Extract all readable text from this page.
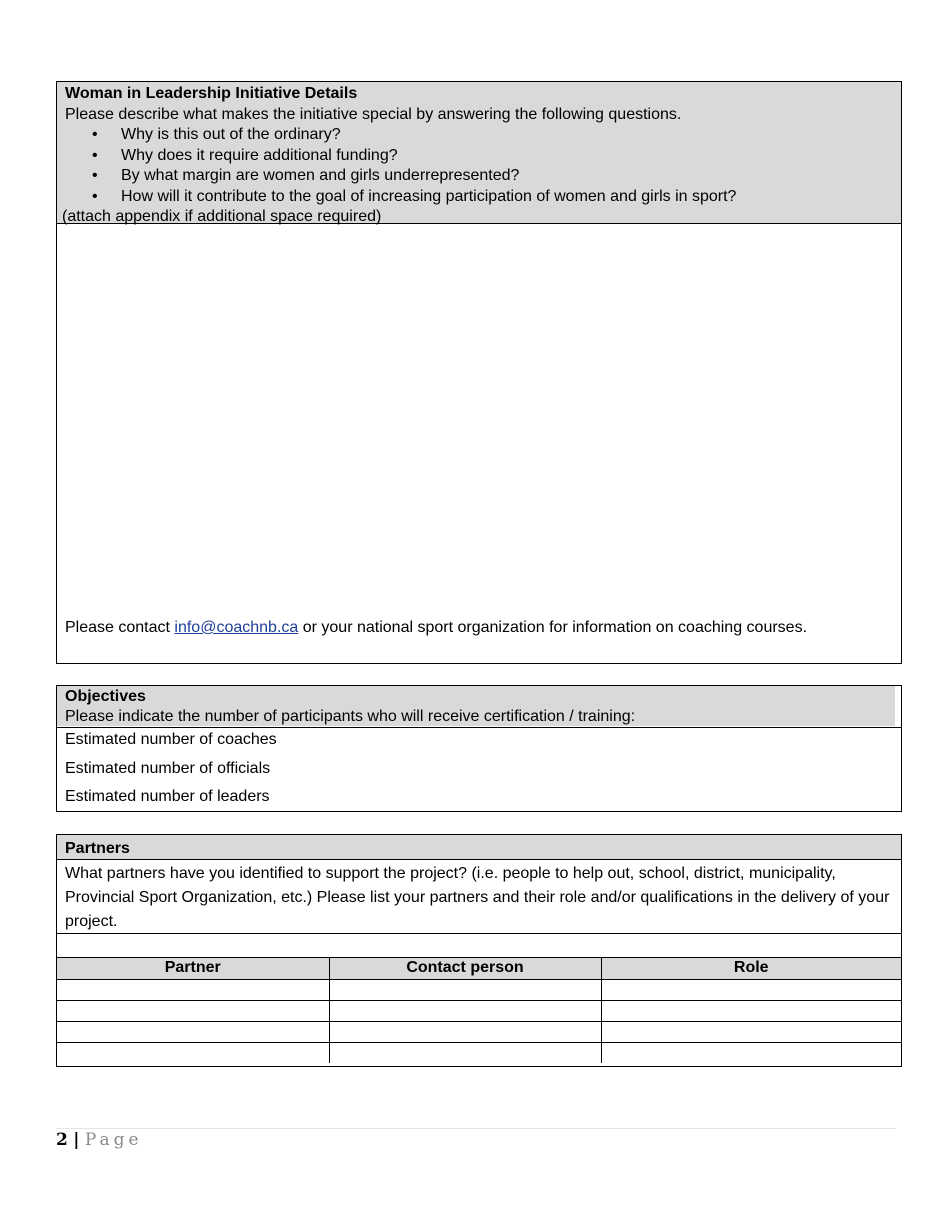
Woman in Leadership Initiative Details
Please describe what makes the initiative special by answering the following questions.
• Why is this out of the ordinary?
• Why does it require additional funding?
• By what margin are women and girls underrepresented?
• How will it contribute to the goal of increasing participation of women and girls in sport?
(attach appendix if additional space required)
Please contact info@coachnb.ca or your national sport organization for information on coaching courses.
Objectives
Please indicate the number of participants who will receive certification / training:
Estimated number of coaches
Estimated number of officials
Estimated number of leaders
Partners
What partners have you identified to support the project? (i.e. people to help out, school, district, municipality, Provincial Sport Organization, etc.) Please list your partners and their role and/or qualifications in the delivery of your project.
Partner	Contact person	Role

2 | Page
